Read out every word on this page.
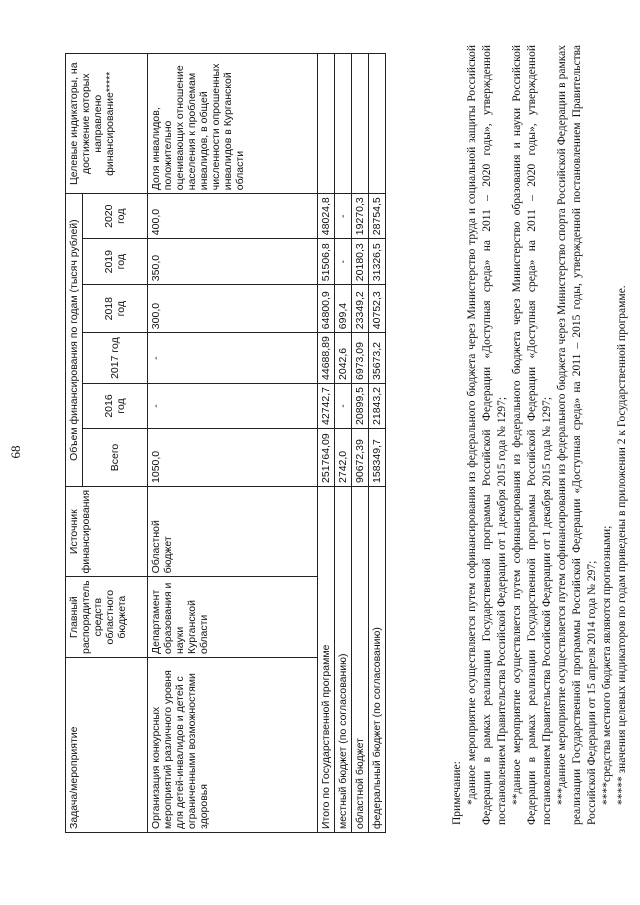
68
Задача/мероприятие	Главный распорядитель средств областного бюджета	Источник финансирования	Объем финансирования по годам (тысяч рублей)						Целевые индикаторы, на достижение которых направлено финансирование*****
			Всего	2016 год	2017 год	2018 год	2019 год	2020 год	

Организация конкурсных мероприятий различного уровня для детей-инвалидов и детей с ограниченными возможностями здоровья	Департамент образования и науки Курганской области	Областной бюджет	1050,0	-	-	300,0	350,0	400,0	Доля инвалидов, положительно оценивающих отношение населения к проблемам инвалидов, в общей численности опрошенных инвалидов в Курганской области
Итого по Государственной программе			251764,09	42742,7	44688,89	64800,9	51506,8	48024,8	
местный бюджет (по согласованию)			2742,0	-	2042,6	699,4	-	-	
областной бюджет			90672,39	20899,5	6973,09	23349,2	20180,3	19270,3	
федеральный бюджет (по согласованию)			158349,7	21843,2	35673,2	40752,3	31326,5	28754,5	

Примечание: *данное мероприятие осуществляется путем софинансирования из федерального бюджета через Министерство труда и социальной защиты Российской Федерации в рамках реализации Государственной программы Российской Федерации «Доступная среда» на 2011 – 2020 годы», утвержденной постановлением Правительства Российской Федерации от 1 декабря 2015 года № 1297; **данное мероприятие осуществляется путем софинансирования из федерального бюджета через Министерство образования и науки Российской Федерации в рамках реализации Государственной программы Российской Федерации «Доступная среда» на 2011 – 2020 годы», утвержденной постановлением Правительства Российской Федерации от 1 декабря 2015 года № 1297; ***данное мероприятие осуществляется путем софинансирования из федерального бюджета через Министерство спорта Российской Федерации в рамках реализации Государственной программы Российской Федерации «Доступная среда» на 2011 – 2015 годы, утвержденной постановлением Правительства Российской Федерации от 15 апреля 2014 года № 297; ****средства местного бюджета являются прогнозными; ***** значения целевых индикаторов по годам приведены в приложении 2 к Государственной программе.
